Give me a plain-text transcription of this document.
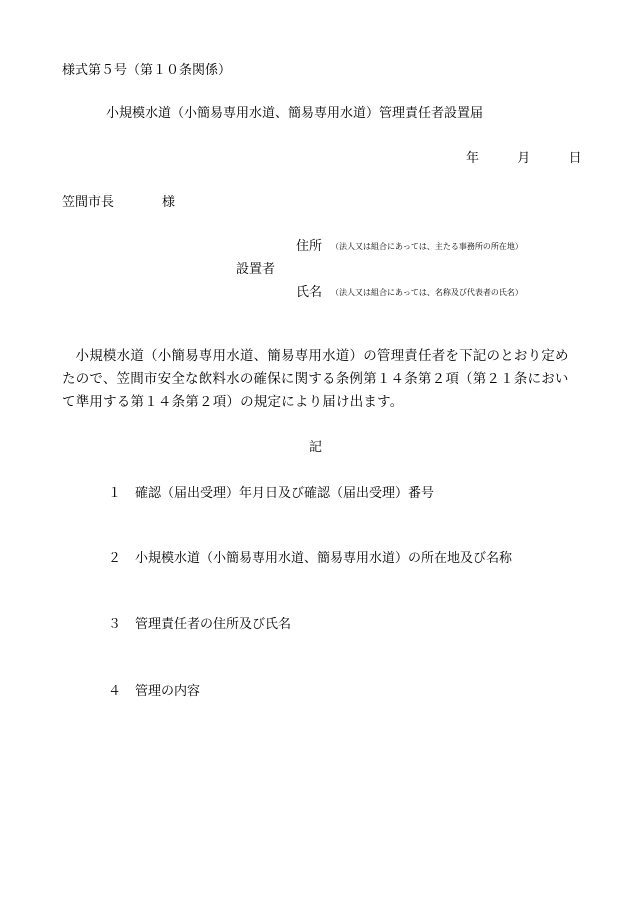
様式第５号（第１０条関係）
小規模水道（小簡易専用水道、簡易専用水道）管理責任者設置届
年	月	日
笠間市長	様
住所 （法人又は組合にあっては、主たる事務所の所在地）
設置者
氏名 （法人又は組合にあっては、名称及び代表者の氏名）
小規模水道（小簡易専用水道、簡易専用水道）の管理責任者を下記のとおり定めたので、笠間市安全な飲料水の確保に関する条例第１４条第２項（第２１条において準用する第１４条第２項）の規定により届け出ます。
記
１ 確認（届出受理）年月日及び確認（届出受理）番号
２ 小規模水道（小簡易専用水道、簡易専用水道）の所在地及び名称
３ 管理責任者の住所及び氏名
４ 管理の内容
